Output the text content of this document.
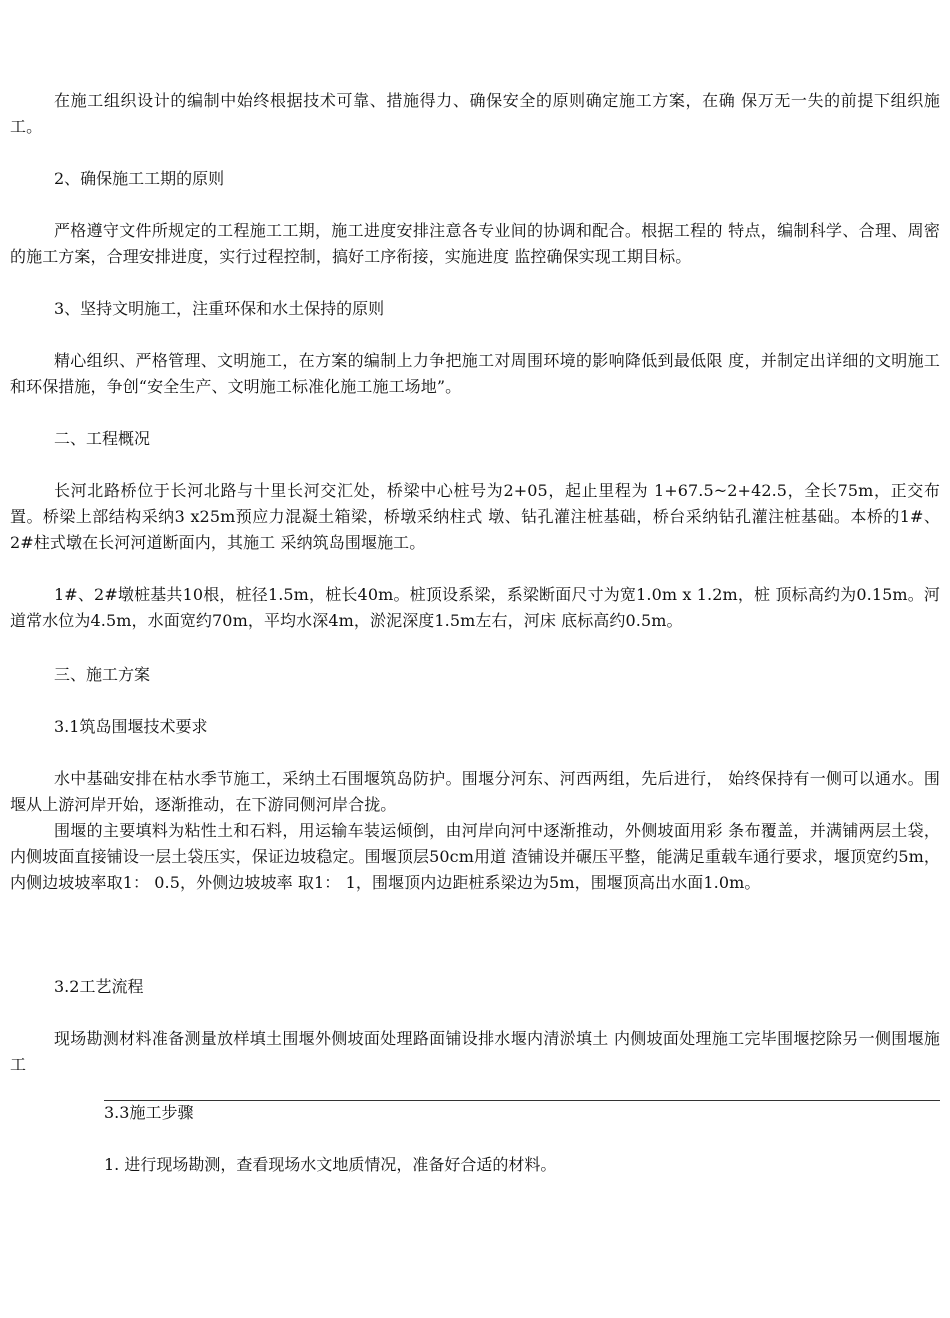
在施工组织设计的编制中始终根据技术可靠、措施得力、确保安全的原则确定施工方案，在确 保万无一失的前提下组织施工。

2、确保施工工期的原则

严格遵守文件所规定的工程施工工期，施工进度安排注意各专业间的协调和配合。根据工程的 特点，编制科学、合理、周密的施工方案，合理安排进度，实行过程控制，搞好工序衔接，实施进度 监控确保实现工期目标。

3、坚持文明施工，注重环保和水土保持的原则

精心组织、严格管理、文明施工，在方案的编制上力争把施工对周围环境的影响降低到最低限 度，并制定出详细的文明施工和环保措施，争创“安全生产、文明施工标准化施工施工场地”。

二、工程概况

长河北路桥位于长河北路与十里长河交汇处，桥梁中心桩号为2+05，起止里程为 1+67.5~2+42.5，全长75m，正交布置。桥梁上部结构采纳3 x25m预应力混凝土箱梁，桥墩采纳柱式 墩、钻孔灌注桩基础，桥台采纳钻孔灌注桩基础。本桥的1#、2#柱式墩在长河河道断面内，其施工 采纳筑岛围堰施工。

1#、2#墩桩基共10根，桩径1.5m，桩长40m。桩顶设系梁，系梁断面尺寸为宽1.0m x 1.2m，桩 顶标高约为0.15m。河道常水位为4.5m，水面宽约70m，平均水深4m，淤泥深度1.5m左右，河床 底标高约0.5m。

三、施工方案

3.1筑岛围堰技术要求

水中基础安排在枯水季节施工，采纳土石围堰筑岛防护。围堰分河东、河西两组，先后进行， 始终保持有一侧可以通水。围堰从上游河岸开始，逐渐推动，在下游同侧河岸合拢。

围堰的主要填料为粘性土和石料，用运输车装运倾倒，由河岸向河中逐渐推动，外侧坡面用彩 条布覆盖，并满铺两层土袋，内侧坡面直接铺设一层土袋压实，保证边坡稳定。围堰顶层50cm用道 渣铺设并碾压平整，能满足重载车通行要求，堰顶宽约5m，内侧边坡坡率取1： 0.5，外侧边坡坡率 取1： 1，围堰顶内边距桩系梁边为5m，围堰顶高出水面1.0m。

3.2工艺流程

现场勘测材料准备测量放样填土围堰外侧坡面处理路面铺设排水堰内清淤填土 内侧坡面处理施工完毕围堰挖除另一侧围堰施工

3.3施工步骤

1. 进行现场勘测，查看现场水文地质情况，准备好合适的材料。
